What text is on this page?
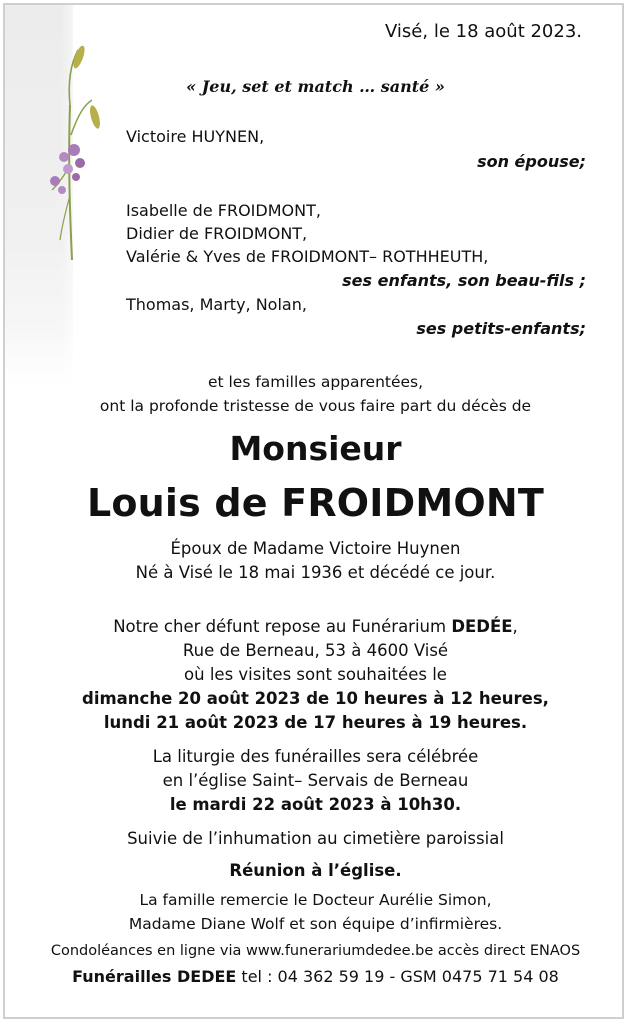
Visé, le 18 août 2023.
« Jeu, set et match … santé »
Victoire HUYNEN,
son épouse;
Isabelle de FROIDMONT,
Didier de FROIDMONT,
Valérie & Yves de FROIDMONT– ROTHHEUTH,
ses enfants, son beau-fils ;
Thomas, Marty, Nolan,
ses petits-enfants;
et les familles apparentées,
ont la profonde tristesse de vous faire part du décès de
Monsieur
Louis de FROIDMONT
Époux de Madame Victoire Huynen
Né à Visé le 18 mai 1936 et décédé ce jour.
Notre cher défunt repose au Funérarium DEDÉE,
Rue de Berneau, 53 à 4600 Visé
où les visites sont souhaitées le
dimanche 20 août 2023 de 10 heures à 12 heures,
lundi 21 août 2023 de 17 heures à 19 heures.
La liturgie des funérailles sera célébrée
en l’église Saint– Servais de Berneau
le mardi 22 août 2023 à 10h30.
Suivie de l’inhumation au cimetière paroissial
Réunion à l’église.
La famille remercie le Docteur Aurélie Simon,
Madame Diane Wolf et son équipe d’infirmières.
Condoléances en ligne via www.funerariumdedee.be accès direct ENAOS
Funérailles DEDEE tel : 04 362 59 19 - GSM 0475 71 54 08
